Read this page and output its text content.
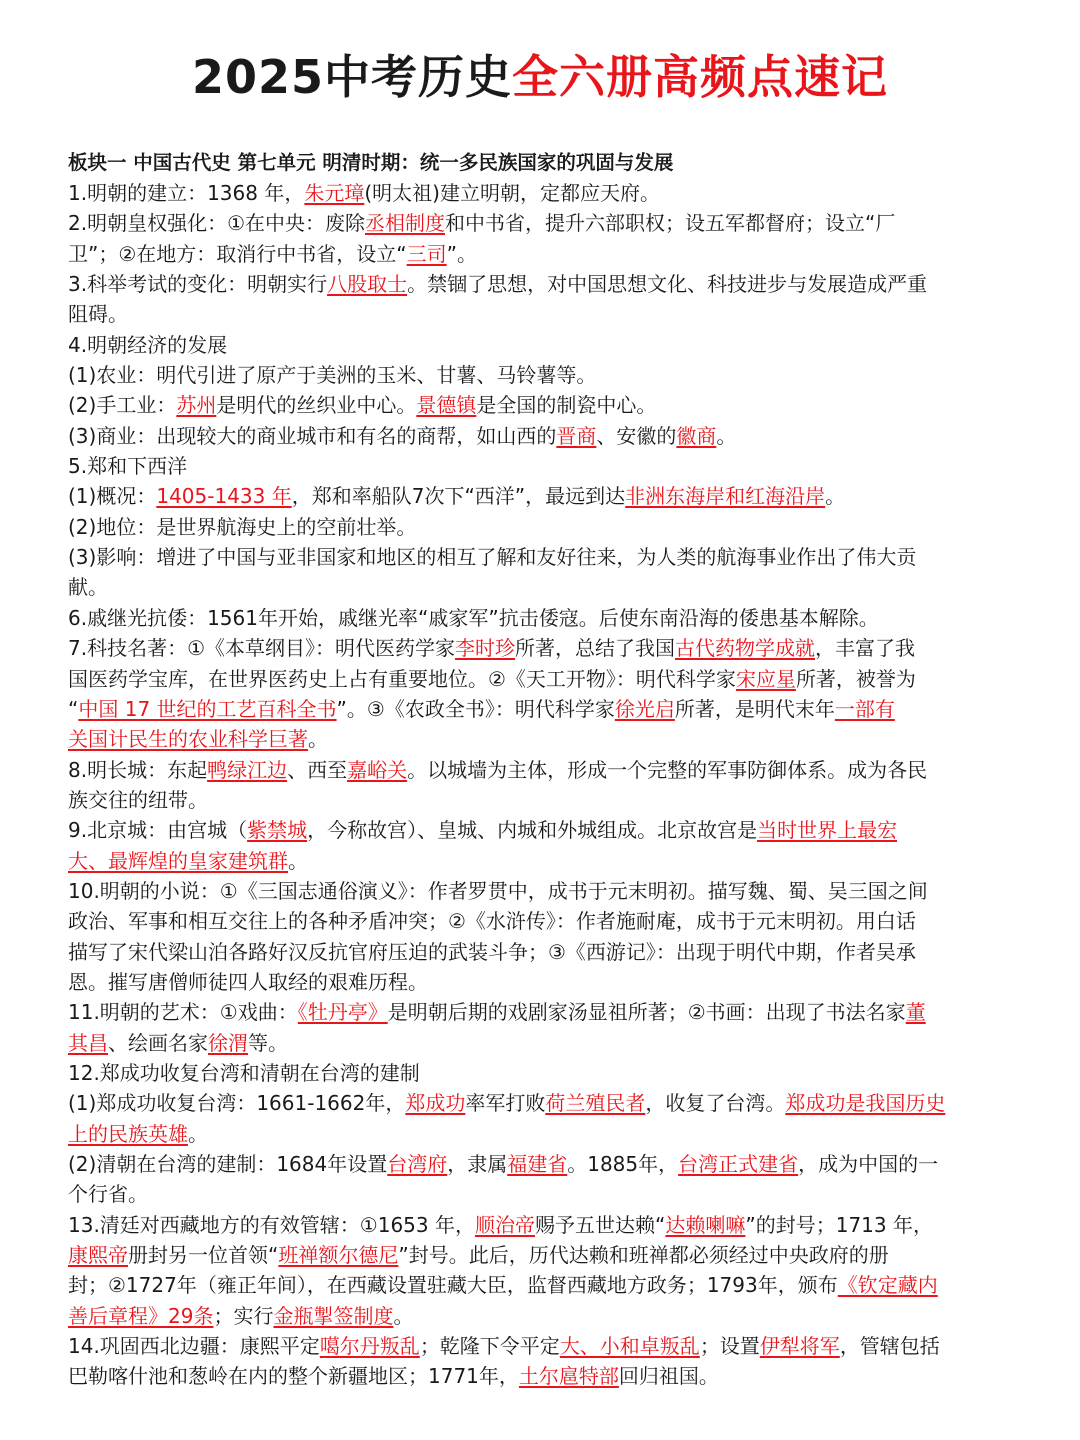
2025中考历史全六册高频点速记
板块一 中国古代史 第七单元 明清时期：统一多民族国家的巩固与发展
1.明朝的建立：1368 年，朱元璋(明太祖)建立明朝，定都应天府。
2.明朝皇权强化：①在中央：废除丞相制度和中书省，提升六部职权；设五军都督府；设立“厂
卫”；②在地方：取消行中书省，设立“三司”。
3.科举考试的变化：明朝实行八股取士。禁锢了思想，对中国思想文化、科技进步与发展造成严重
阻碍。
4.明朝经济的发展
(1)农业：明代引进了原产于美洲的玉米、甘薯、马铃薯等。
(2)手工业：苏州是明代的丝织业中心。景德镇是全国的制瓷中心。
(3)商业：出现较大的商业城市和有名的商帮，如山西的晋商、安徽的徽商。
5.郑和下西洋
(1)概况：1405-1433 年，郑和率船队7次下“西洋”，最远到达非洲东海岸和红海沿岸。
(2)地位：是世界航海史上的空前壮举。
(3)影响：增进了中国与亚非国家和地区的相互了解和友好往来，为人类的航海事业作出了伟大贡
献。
6.戚继光抗倭：1561年开始，戚继光率“戚家军”抗击倭寇。后使东南沿海的倭患基本解除。
7.科技名著：①《本草纲目》：明代医药学家李时珍所著，总结了我国古代药物学成就，丰富了我
国医药学宝库，在世界医药史上占有重要地位。②《天工开物》：明代科学家宋应星所著，被誉为
“中国 17 世纪的工艺百科全书”。③《农政全书》：明代科学家徐光启所著，是明代末年一部有
关国计民生的农业科学巨著。
8.明长城：东起鸭绿江边、西至嘉峪关。以城墙为主体，形成一个完整的军事防御体系。成为各民
族交往的纽带。
9.北京城：由宫城（紫禁城，今称故宫）、皇城、内城和外城组成。北京故宫是当时世界上最宏
大、最辉煌的皇家建筑群。
10.明朝的小说：①《三国志通俗演义》：作者罗贯中，成书于元末明初。描写魏、蜀、吴三国之间
政治、军事和相互交往上的各种矛盾冲突；②《水浒传》：作者施耐庵，成书于元末明初。用白话
描写了宋代梁山泊各路好汉反抗官府压迫的武装斗争；③《西游记》：出现于明代中期，作者吴承
恩。摧写唐僧师徒四人取经的艰难历程。
11.明朝的艺术：①戏曲：《牡丹亭》是明朝后期的戏剧家汤显祖所著；②书画：出现了书法名家董
其昌、绘画名家徐渭等。
12.郑成功收复台湾和清朝在台湾的建制
(1)郑成功收复台湾：1661-1662年，郑成功率军打败荷兰殖民者，收复了台湾。郑成功是我国历史
上的民族英雄。
(2)清朝在台湾的建制：1684年设置台湾府，隶属福建省。1885年，台湾正式建省，成为中国的一
个行省。
13.清廷对西藏地方的有效管辖：①1653 年，顺治帝赐予五世达赖“达赖喇嘛”的封号；1713 年，
康熙帝册封另一位首领“班禅额尔德尼”封号。此后，历代达赖和班禅都必须经过中央政府的册
封；②1727年（雍正年间），在西藏设置驻藏大臣，监督西藏地方政务；1793年，颁布《钦定藏内
善后章程》29条；实行金瓶掣签制度。
14.巩固西北边疆：康熙平定噶尔丹叛乱；乾隆下令平定大、小和卓叛乱；设置伊犁将军，管辖包括
巴勒喀什池和葱岭在内的整个新疆地区；1771年，土尔扈特部回归祖国。
